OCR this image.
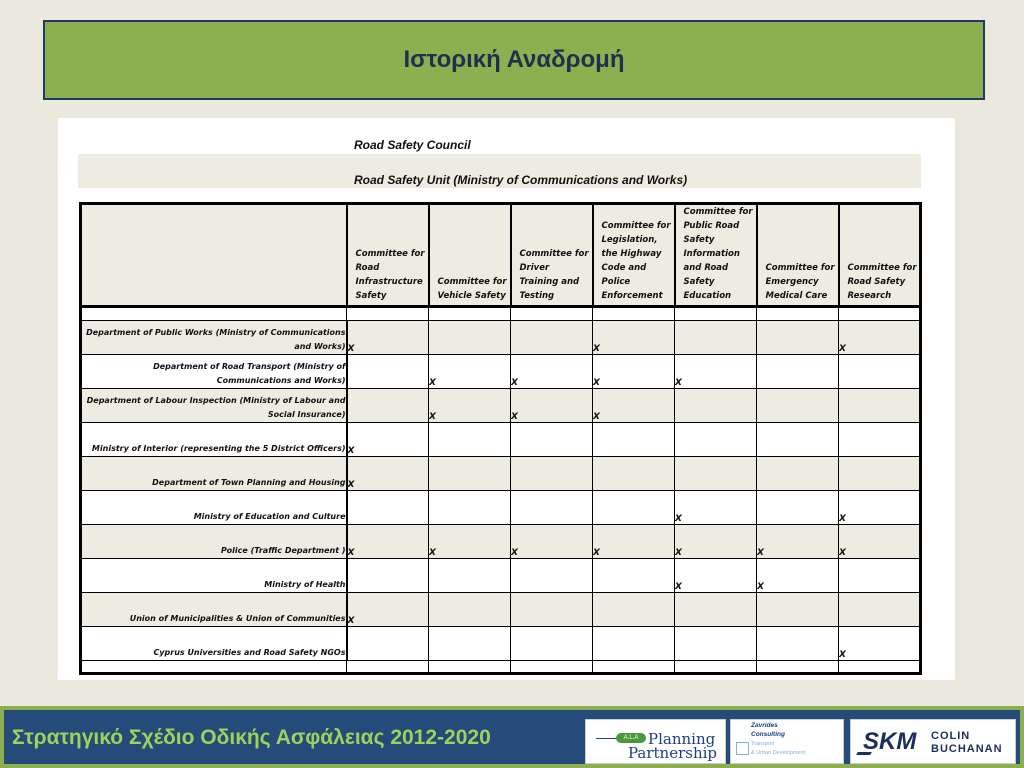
Ιστορική Αναδρομή
Road Safety Council
Road Safety Unit (Ministry of Communications and Works)
	Committee for Road Infrastructure Safety	Committee for Vehicle Safety	Committee for Driver Training and Testing	Committee for Legislation, the Highway Code and Police Enforcement	Committee for Public Road Safety Information and Road Safety Education	Committee for Emergency Medical Care	Committee for Road Safety Research

Department of Public Works (Ministry of Communications and Works)	X			X			X
Department of Road Transport (Ministry of Communications and Works)		X	X	X	X		
Department of Labour Inspection (Ministry of Labour and Social Insurance)		X	X	X			
Ministry of Interior (representing the 5 District Officers)	X						
Department of Town Planning and Housing	X						
Ministry of Education and Culture					X		X
Police (Traffic Department )	X	X	X	X	X	X	X
Ministry of Health					X	X	
Union of Municipalities & Union of Communities	X						
Cyprus Universities and Road Safety NGOs							X

Στρατηγικό Σχέδιο Οδικής Ασφάλειας 2012-2020	A.L.A Planning
Partnership
Zavrides
Consulting
Transport
& Urban Development SKM COLIN
BUCHANAN
